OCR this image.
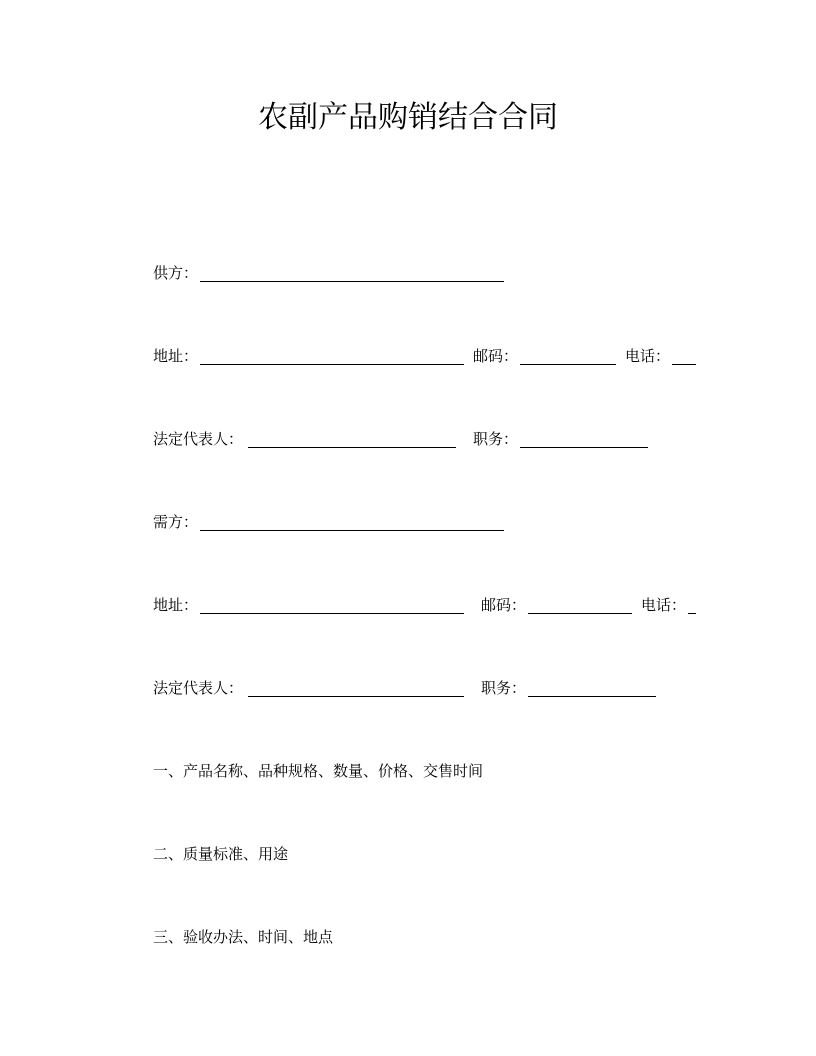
农副产品购销结合合同
供方：
地址：	邮码：	电话：
法定代表人：	职务：
需方：
地址：	邮码：	电话：
法定代表人：	职务：
一、产品名称、品种规格、数量、价格、交售时间
二、质量标准、用途
三、验收办法、时间、地点
